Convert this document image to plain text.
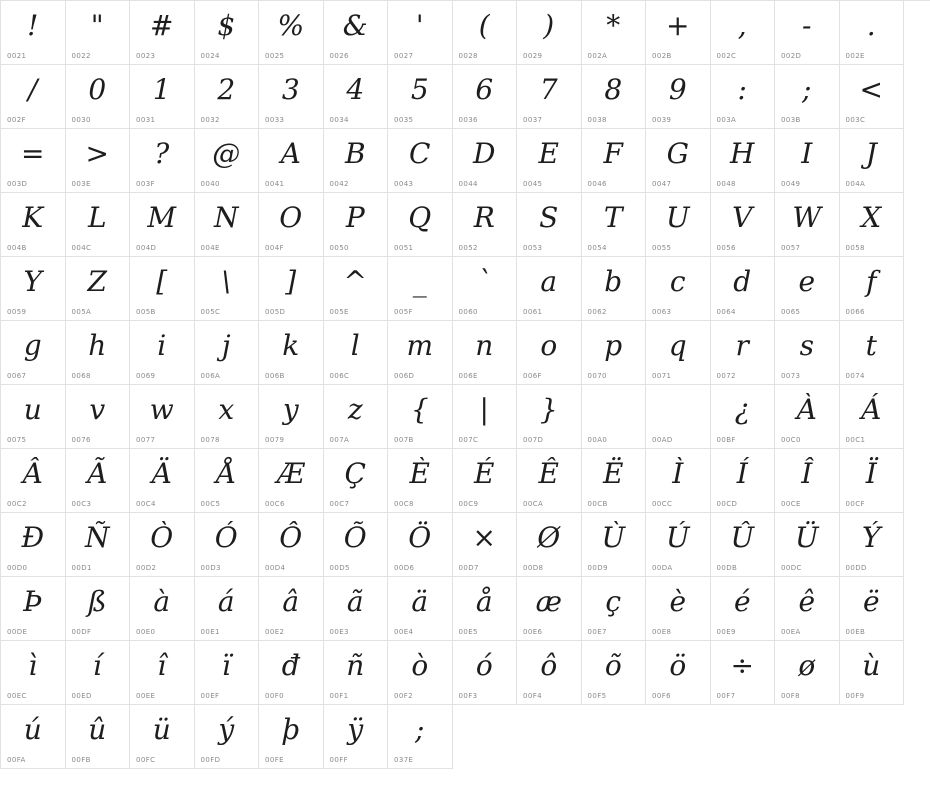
!
0021
"
0022
#
0023
$
0024
%
0025
&
0026
'
0027
(
0028
)
0029
*
002A
+
002B
,
002C
-
002D
.
002E
/
002F
0
0030
1
0031
2
0032
3
0033
4
0034
5
0035
6
0036
7
0037
8
0038
9
0039
:
003A
;
003B
<
003C
=
003D
>
003E
?
003F
@
0040
A
0041
B
0042
C
0043
D
0044
E
0045
F
0046
G
0047
H
0048
I
0049
J
004A
K
004B
L
004C
M
004D
N
004E
O
004F
P
0050
Q
0051
R
0052
S
0053
T
0054
U
0055
V
0056
W
0057
X
0058
Y
0059
Z
005A
[
005B
\
005C
]
005D
^
005E
_
005F
`
0060
a
0061
b
0062
c
0063
d
0064
e
0065
f
0066
g
0067
h
0068
i
0069
j
006A
k
006B
l
006C
m
006D
n
006E
o
006F
p
0070
q
0071
r
0072
s
0073
t
0074
u
0075
v
0076
w
0077
x
0078
y
0079
z
007A
{
007B
|
007C
}
007D	00A0	00AD
¿
00BF
À
00C0
Á
00C1
Â
00C2
Ã
00C3
Ä
00C4
Å
00C5
Æ
00C6
Ç
00C7
È
00C8
É
00C9
Ê
00CA
Ë
00CB
Ì
00CC
Í
00CD
Î
00CE
Ï
00CF
Ð
00D0
Ñ
00D1
Ò
00D2
Ó
00D3
Ô
00D4
Õ
00D5
Ö
00D6
×
00D7
Ø
00D8
Ù
00D9
Ú
00DA
Û
00DB
Ü
00DC
Ý
00DD
Þ
00DE
ß
00DF
à
00E0
á
00E1
â
00E2
ã
00E3
ä
00E4
å
00E5
æ
00E6
ç
00E7
è
00E8
é
00E9
ê
00EA
ë
00EB
ì
00EC
í
00ED
î
00EE
ï
00EF
đ
00F0
ñ
00F1
ò
00F2
ó
00F3
ô
00F4
õ
00F5
ö
00F6
÷
00F7
ø
00F8
ù
00F9
ú
00FA
û
00FB
ü
00FC
ý
00FD
þ
00FE
ÿ
00FF
;
037E
